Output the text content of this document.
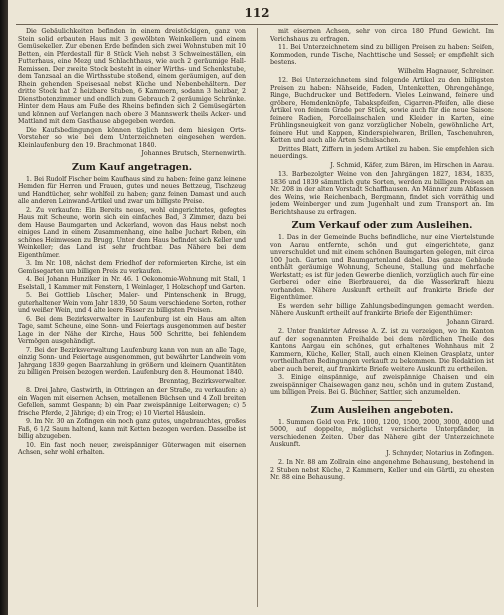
112

Die Gebäulichkeiten befinden in einem dreistöckigen, ganz von Stein solid erbauten Haus mit 3 gewölbten Weinkellern und einem Gemüsekeller. Zur ebenen Erde befinden sich zwei Wohnstuben mit 10 Betten, ein Pferdestall für 8 Stück Vieh nebst 3 Schweineställen, ein Futterhaus, eine Mezg und Schlachthaus, wie auch 2 geräumige Hall-Remissen. Der zweite Stock besteht in einer Wirths- und Schenkstube, dem Tanzsaal an die Wirthsstube stoßend, einem geräumigen, auf den Rhein gehenden Speisesaal nebst Küche und Nebenbehältern. Der dritte Stock hat 2 heizbare Stuben, 6 Kammern, sodann 3 heizbar, 2 Dienstbotenzimmer und endlich zum Gebrauch 2 geräumige Schränke. Hinter dem Haus am Fuße des Rheins befinden sich 2 Gemüsegärten und können auf Verlangen nach obere 3 Mannswerk theils Acker- und Mattland mit dem Gasthause abgegeben werden.

Die Kaufsbedingungen können täglich bei dem hiesigen Orts-Vorsteher so wie bei dem Unterzeichneten eingesehen werden. Kleinlaufenburg den 19. Brachmonat 1840.

Johannes Brutsch, Sternenwirth.

Zum Kauf angetragen.

1. Bei Rudolf Fischer beim Kaufhaus sind zu haben: feine ganz leinene Hemden für Herren und Frauen, gutes und neues Bettzeug, Tischzeug und Handtücher, sehr wohlfeil zu haben; ganz feinen Damast und auch alle anderen Leinwand-Artikel und zwar um billigste Preise.

2. Zu verkaufen: Ein Bereits neues, wohl eingerichtetes, gefegtes Haus mit Scheune, worin sich ein einfaches Bad, 3 Zimmer, dazu bei dem Hause Baumgarten und Ackerland, wovon das Haus nebst noch einiges Land in einem Zusammenhang, eine halbe Juchart Reben, ein schönes Heimwesen zu Brugg. Unter dem Haus befindet sich Keller und Weinkeller; das Land ist sehr fruchtbar. Das Nähere bei dem Eigenthümer.

3. Im Nr. 108, nächst dem Friedhof der reformierten Kirche, ist ein Gemüsegarten um billigen Preis zu verkaufen.

4. Bei Johann Hunziker in Nr. 46. 1 Oekonomie-Wohnung mit Stall, 1 Eselstall, 1 Kammer mit Fenstern, 1 Weinlager, 1 Holzschopf und Garten.

5. Bei Gottlieb Lüscher, Maler- und Pintenschenk in Brugg, guterhaltener Wein vom Jahr 1839, 50 Saum verschiedene Sorten, rother und weißer Wein, und 4 alte leere Fässer zu billigsten Preisen.

6. Bei dem Bezirksverwalter in Laufenburg ist ein Haus am alten Tage, samt Scheune, eine Sonn- und Feiertags ausgenommen auf bester Lage in der Nähe der Kirche, Haus 500 Schritte, bei fehlendem Vermögen ausgehändigt.

7. Bei der Bezirksverwaltung Laufenburg kann von nun an alle Tage, einzig Sonn- und Feiertage ausgenommen, gut bewährter Landwein vom Jahrgang 1839 gegen Baarzahlung in größern und kleinern Quantitäten zu billigen Preisen bezogen werden. Laufenburg den 8. Heumonat 1840.

Brenntag, Bezirksverwalter.

8. Drei Jahre, Gastwirth, in Ottringen an der Straße, zu verkaufen: a) ein Wagen mit eisernen Achsen, metallenen Büchsen und 4 Zoll breiten Gefellen, sammt Gespann; b) ein Paar zweispännige Leiterwagen; c) 5 frische Pferde, 2 Jährige; d) ein Trog; e) 10 Viertel Häuslein.

9. Im Nr. 30 an Zofingen ein noch ganz gutes, ungebrauchtes, großes Faß, 6 1/2 Saum haltend, kann mit Ketten bezogen werden. Dasselbe ist billig abzugeben.

10. Ein fast noch neuer, zweispänniger Güterwagen mit eisernen Achsen, sehr wohl erhalten.

mit eisernen Achsen, sehr von circa 180 Pfund Gewicht. Im Verichshaus zu erfragen.

11. Bei Unterzeichnetem sind zu billigen Preisen zu haben: Seifen, Kommoden, runde Tische, Nachttische und Sessel; er empfiehlt sich bestens.

Wilhelm Hagnauer, Schreiner.

12. Bei Unterzeichnetem sind folgende Artikel zu den billigsten Preisen zu haben: Nähseide, Faden, Untenketten, Ohrengehänge, Ringe, Buchdrucker und Bettfedern. Vieles Leinwand, feinere und gröbere, Hemdenknöpfe, Tabakspfeifen, Cigarren-Pfeifen, alle diese Artikel von feinem Grade per Stück, sowie auch für die neue Saison: feinere Radien, Porcellainschalen und Kleider in Karten, eine Frühlingsneuigkeit von ganz vorzüglicher Nobeln, gewöhnliche Art, feinere Hut und Kappen, Kinderspielwaren, Brillen, Taschenuhren, Ketten und auch alle Arten Schulsachen.

Drittes Blatt, Ziffern in jedem Artikel zu haben. Sie empfehlen sich neuerdings.

J. Schmid, Käfer, zum Bären, im Hirschen in Aarau.

13. Barbezolgter Weine von den Jahrgängen 1827, 1834, 1835, 1836 und 1839 sämmtlich gute Sorten, werden zu billigen Preisen an Nr. 208 in der alten Vorstadt Schaffhausen. An Männer zum Abfassen des Weins, wie Reichenbach, Bergmann, findet sich vorräthig und jedem Weinberger und zum Jugenhalt und zum Transport an. Im Berichtshause zu erfragen.

Zum Verkauf oder zum Ausleihen.

1. Das in der Gemeinde Buchs befindliche, nur eine Viertelstunde von Aarau entfernte, schön und gut eingerichtete, ganz unverschuldet und mit einem schönen Baumgarten gelegen, mit circa 100 Juch. Garten und Baumgartenland dabei. Das ganze Gebäude enthält geräumige Wohnung, Scheune, Stallung und mehrfache Werkstatt; es ist für jeden Gewerbe dienlich, vorzüglich auch für eine Gerberei oder eine Bierbrauerei, da die Wasserkraft hiezu vorhanden. Nähere Auskunft ertheilt auf frankirte Briefe der Eigenthümer.

Es werden sehr billige Zahlungsbedingungen gemacht werden. Nähere Auskunft ertheilt auf frankirte Briefe der Eigenthümer:

Johann Girard.

2. Unter frankirter Adresse A. Z. ist zu verzeigen, wo im Kanton auf der sogenannten Freihalde bei dem nördlichen Theile des Kantons Aargau ein schönes, gut erhaltenes Wohnhaus mit 2 Kammern, Küche, Keller, Stall, auch einen Kleinen Grasplatz, unter vortheilhaften Bedingungen verkauft zu bekommen. Die Redaktion ist aber auch bereit, auf frankirte Briefe weitere Auskunft zu ertheilen.

3. Einige einspännige, auf zweispännige Chaisen und ein zweispänniger Chaisewagen ganz neu, schön und in gutem Zustand, um billigen Preis. Bei G. Büchner, Sattler, sich anzumelden.

Zum Ausleihen angeboten.

1. Summen Geld von Frk. 1000, 1200, 1500, 2000, 3000, 4000 und 5000, auf doppelte, möglichst versicherte Unterpfänder, in verschiedenen Zeiten. Über das Nähere gibt der Unterzeichnete Auskunft.

J. Schnyder, Notarius in Zofingen.

2. In Nr. 88 am Zollrain eine angenehme Behausung, bestehend in 2 Stuben nebst Küche, 2 Kammern, Keller und ein Gärtli, zu ehesten Nr. 88 eine Behausung.
